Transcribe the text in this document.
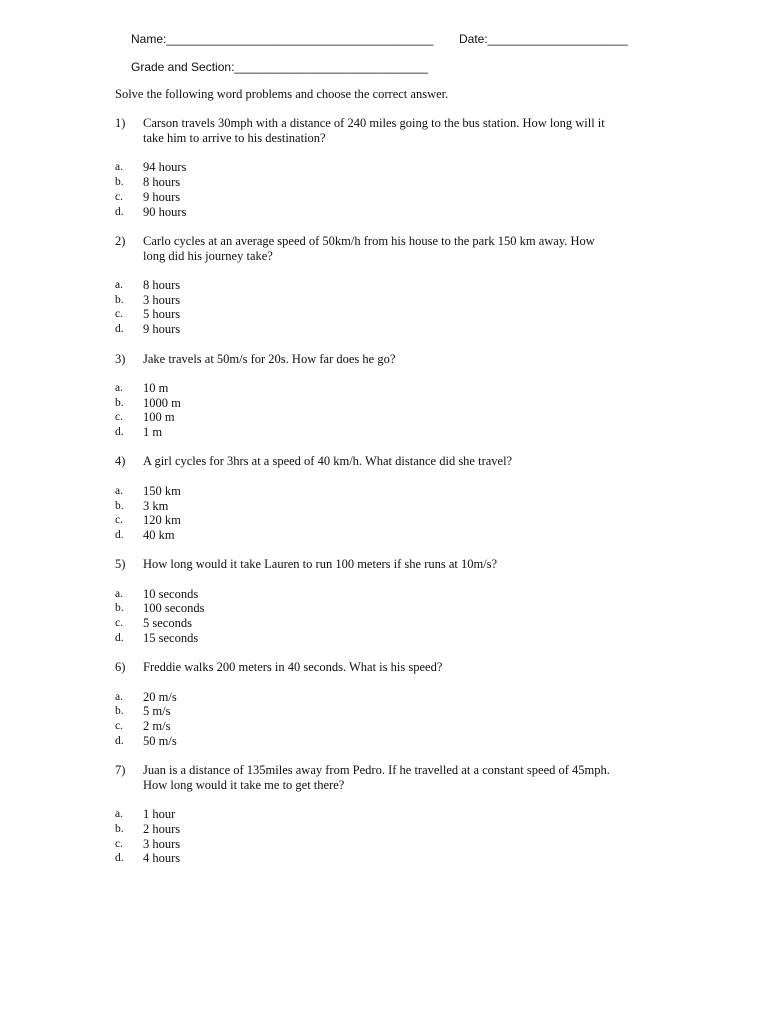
Name:________________________________________ Date:_____________________

Grade and Section:_____________________________

Solve the following word problems and choose the correct answer.

1) Carson travels 30mph with a distance of 240 miles going to the bus station. How long will it
take him to arrive to his destination?
a. 94 hours
b. 8 hours
c. 9 hours
d. 90 hours
2) Carlo cycles at an average speed of 50km/h from his house to the park 150 km away. How
long did his journey take?
a. 8 hours
b. 3 hours
c. 5 hours
d. 9 hours
3) Jake travels at 50m/s for 20s. How far does he go?
a. 10 m
b. 1000 m
c. 100 m
d. 1 m
4) A girl cycles for 3hrs at a speed of 40 km/h. What distance did she travel?
a. 150 km
b. 3 km
c. 120 km
d. 40 km
5) How long would it take Lauren to run 100 meters if she runs at 10m/s?
a. 10 seconds
b. 100 seconds
c. 5 seconds
d. 15 seconds
6) Freddie walks 200 meters in 40 seconds. What is his speed?
a. 20 m/s
b. 5 m/s
c. 2 m/s
d. 50 m/s
7) Juan is a distance of 135miles away from Pedro. If he travelled at a constant speed of 45mph.
How long would it take me to get there?
a. 1 hour
b. 2 hours
c. 3 hours
d. 4 hours
